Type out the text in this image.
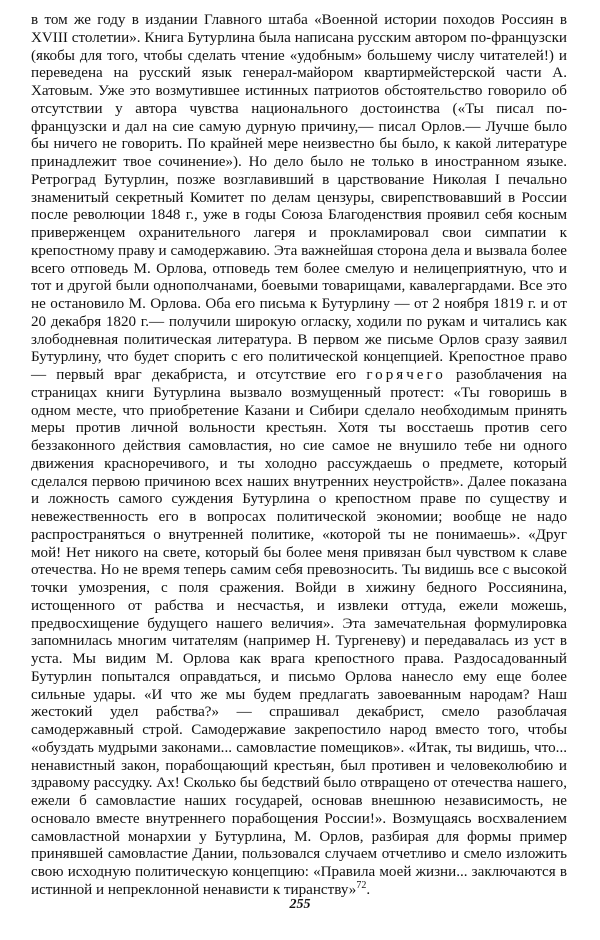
в том же году в издании Главного штаба «Военной истории походов Россиян в XVIII столетии». Книга Бутурлина была написана русским автором по-французски (якобы для того, чтобы сделать чтение «удобным» большему числу читателей!) и переведена на русский язык генерал-майором квартирмейстерской части А. Хатовым. Уже это возмутившее истинных патриотов обстоятельство говорило об отсутствии у автора чувства национального достоинства («Ты писал по-французски и дал на сие самую дурную причину,— писал Орлов.— Лучше было бы ничего не говорить. По крайней мере неизвестно бы было, к какой литературе принадлежит твое сочинение»). Но дело было не только в иностранном языке. Ретроград Бутурлин, позже возглавивший в царствование Николая I печально знаменитый секретный Комитет по делам цензуры, свирепствовавший в России после революции 1848 г., уже в годы Союза Благоденствия проявил себя косным приверженцем охранительного лагеря и прокламировал свои симпатии к крепостному праву и самодержавию. Эта важнейшая сторона дела и вызвала более всего отповедь М. Орлова, отповедь тем более смелую и нелицеприятную, что и тот и другой были однополчанами, боевыми товарищами, кавалергардами. Все это не остановило М. Орлова. Оба его письма к Бутурлину — от 2 ноября 1819 г. и от 20 декабря 1820 г.— получили широкую огласку, ходили по рукам и читались как злободневная политическая литература. В первом же письме Орлов сразу заявил Бутурлину, что будет спорить с его политической концепцией. Крепостное право — первый враг декабриста, и отсутствие его горячего разоблачения на страницах книги Бутурлина вызвало возмущенный протест: «Ты говоришь в одном месте, что приобретение Казани и Сибири сделало необходимым принять меры против личной вольности крестьян. Хотя ты восстаешь против сего беззаконного действия самовластия, но сие самое не внушило тебе ни одного движения красноречивого, и ты холодно рассуждаешь о предмете, который сделался первою причиною всех наших внутренних неустройств». Далее показана и ложность самого суждения Бутурлина о крепостном праве по существу и невежественность его в вопросах политической экономии; вообще не надо распространяться о внутренней политике, «которой ты не понимаешь». «Друг мой! Нет никого на свете, который бы более меня привязан был чувством к славе отечества. Но не время теперь самим себя превозносить. Ты видишь все с высокой точки умозрения, с поля сражения. Войди в хижину бедного Россиянина, истощенного от рабства и несчастья, и извлеки оттуда, ежели можешь, предвосхищение будущего нашего величия». Эта замечательная формулировка запомнилась многим читателям (например Н. Тургеневу) и передавалась из уст в уста. Мы видим М. Орлова как врага крепостного права. Раздосадованный Бутурлин попытался оправдаться, и письмо Орлова нанесло ему еще более сильные удары. «И что же мы будем предлагать завоеванным народам? Наш жестокий удел рабства?» — спрашивал декабрист, смело разоблачая самодержавный строй. Самодержавие закрепостило народ вместо того, чтобы «обуздать мудрыми законами... самовластие помещиков». «Итак, ты видишь, что... ненавистный закон, порабощающий крестьян, был противен и человеколюбию и здравому рассудку. Ах! Сколько бы бедствий было отвращено от отечества нашего, ежели б самовластие наших государей, основав внешнюю независимость, не основало вместе внутреннего порабощения России!». Возмущаясь восхвалением самовластной монархии у Бутурлина, М. Орлов, разбирая для формы пример принявшей самовластие Дании, пользовался случаем отчетливо и смело изложить свою исходную политическую концепцию: «Правила моей жизни... заключаются в истинной и непреклонной ненависти к тиранству»$^{72}$.

255
